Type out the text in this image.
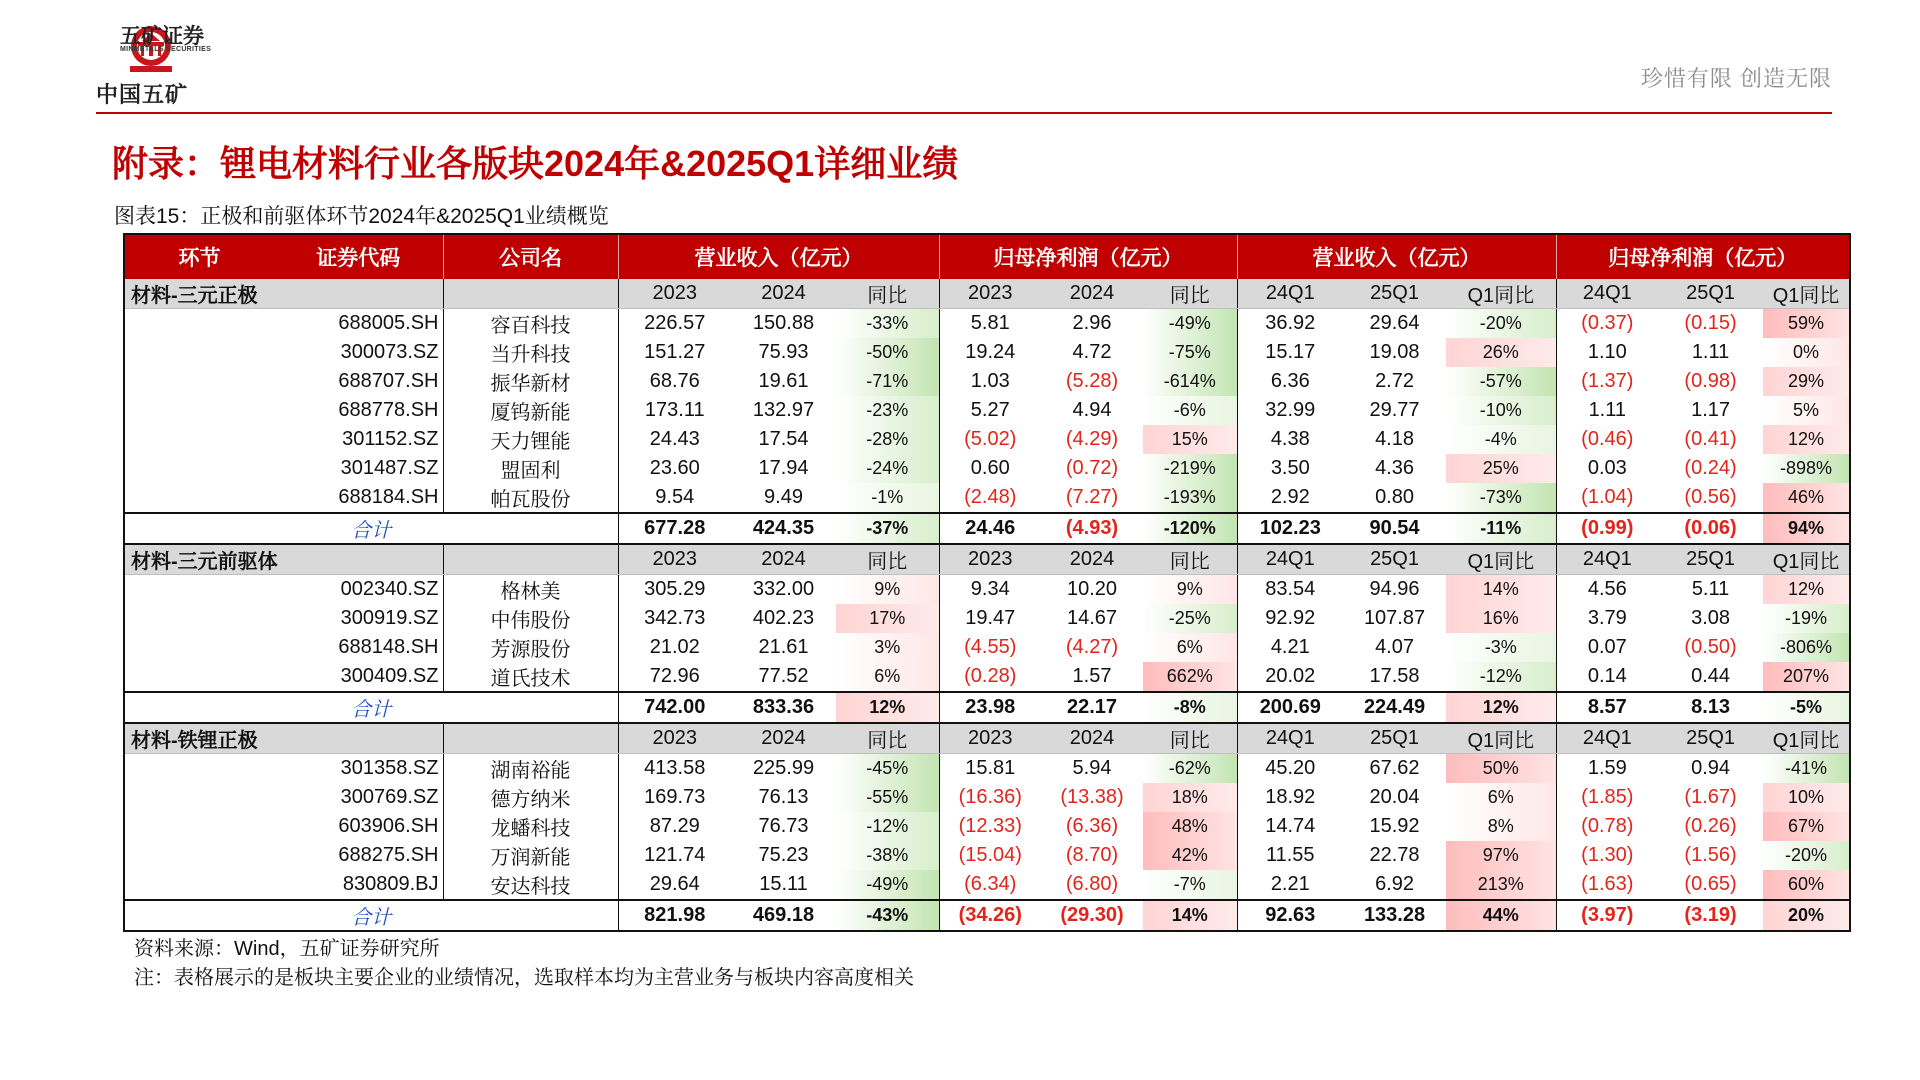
中国五矿
五矿证券
MINMETALS SECURITIES
珍惜有限 创造无限
附录：锂电材料行业各版块2024年&2025Q1详细业绩
图表15：正极和前驱体环节2024年&2025Q1业绩概览
环节	证券代码	公司名	营业收入（亿元）			归母净利润（亿元）			营业收入（亿元）			归母净利润（亿元）		
材料-三元正极			2023	2024	同比	2023	2024	同比	24Q1	25Q1	Q1同比	24Q1	25Q1	Q1同比
	688005.SH	容百科技	226.57	150.88	-33%	5.81	2.96	-49%	36.92	29.64	-20%	(0.37)	(0.15)	59%
	300073.SZ	当升科技	151.27	75.93	-50%	19.24	4.72	-75%	15.17	19.08	26%	1.10	1.11	0%
	688707.SH	振华新材	68.76	19.61	-71%	1.03	(5.28)	-614%	6.36	2.72	-57%	(1.37)	(0.98)	29%
	688778.SH	厦钨新能	173.11	132.97	-23%	5.27	4.94	-6%	32.99	29.77	-10%	1.11	1.17	5%
	301152.SZ	天力锂能	24.43	17.54	-28%	(5.02)	(4.29)	15%	4.38	4.18	-4%	(0.46)	(0.41)	12%
	301487.SZ	盟固利	23.60	17.94	-24%	0.60	(0.72)	-219%	3.50	4.36	25%	0.03	(0.24)	-898%
	688184.SH	帕瓦股份	9.54	9.49	-1%	(2.48)	(7.27)	-193%	2.92	0.80	-73%	(1.04)	(0.56)	46%
合计			677.28	424.35	-37%	24.46	(4.93)	-120%	102.23	90.54	-11%	(0.99)	(0.06)	94%
材料-三元前驱体			2023	2024	同比	2023	2024	同比	24Q1	25Q1	Q1同比	24Q1	25Q1	Q1同比
	002340.SZ	格林美	305.29	332.00	9%	9.34	10.20	9%	83.54	94.96	14%	4.56	5.11	12%
	300919.SZ	中伟股份	342.73	402.23	17%	19.47	14.67	-25%	92.92	107.87	16%	3.79	3.08	-19%
	688148.SH	芳源股份	21.02	21.61	3%	(4.55)	(4.27)	6%	4.21	4.07	-3%	0.07	(0.50)	-806%
	300409.SZ	道氏技术	72.96	77.52	6%	(0.28)	1.57	662%	20.02	17.58	-12%	0.14	0.44	207%
合计			742.00	833.36	12%	23.98	22.17	-8%	200.69	224.49	12%	8.57	8.13	-5%
材料-铁锂正极			2023	2024	同比	2023	2024	同比	24Q1	25Q1	Q1同比	24Q1	25Q1	Q1同比
	301358.SZ	湖南裕能	413.58	225.99	-45%	15.81	5.94	-62%	45.20	67.62	50%	1.59	0.94	-41%
	300769.SZ	德方纳米	169.73	76.13	-55%	(16.36)	(13.38)	18%	18.92	20.04	6%	(1.85)	(1.67)	10%
	603906.SH	龙蟠科技	87.29	76.73	-12%	(12.33)	(6.36)	48%	14.74	15.92	8%	(0.78)	(0.26)	67%
	688275.SH	万润新能	121.74	75.23	-38%	(15.04)	(8.70)	42%	11.55	22.78	97%	(1.30)	(1.56)	-20%
	830809.BJ	安达科技	29.64	15.11	-49%	(6.34)	(6.80)	-7%	2.21	6.92	213%	(1.63)	(0.65)	60%
合计			821.98	469.18	-43%	(34.26)	(29.30)	14%	92.63	133.28	44%	(3.97)	(3.19)	20%
资料来源：Wind，五矿证券研究所
注：表格展示的是板块主要企业的业绩情况，选取样本均为主营业务与板块内容高度相关
